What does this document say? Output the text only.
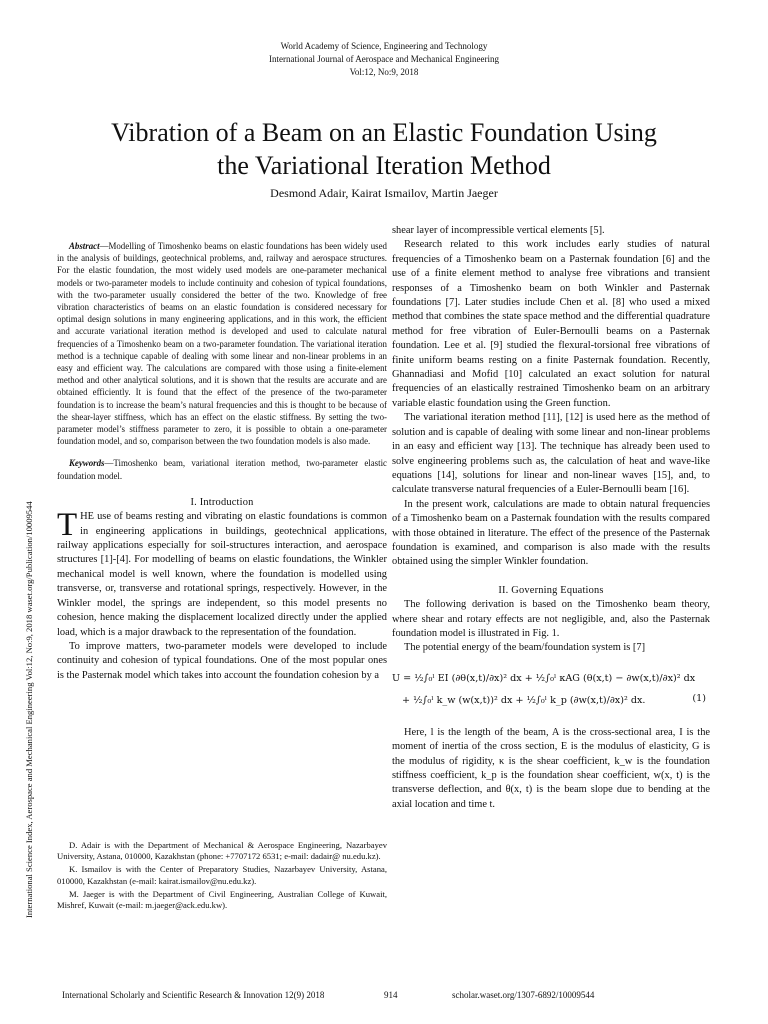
World Academy of Science, Engineering and Technology
International Journal of Aerospace and Mechanical Engineering
Vol:12, No:9, 2018
Vibration of a Beam on an Elastic Foundation Using
the Variational Iteration Method
Desmond Adair, Kairat Ismailov, Martin Jaeger
International Science Index, Aerospace and Mechanical Engineering Vol:12, No:9, 2018 waset.org/Publication/10009544

Abstract—Modelling of Timoshenko beams on elastic foundations has been widely used in the analysis of buildings, geotechnical problems, and, railway and aerospace structures. For the elastic foundation, the most widely used models are one-parameter mechanical models or two-parameter models to include continuity and cohesion of typical foundations, with the two-parameter usually considered the better of the two. Knowledge of free vibration characteristics of beams on an elastic foundation is considered necessary for optimal design solutions in many engineering applications, and in this work, the efficient and accurate variational iteration method is developed and used to calculate natural frequencies of a Timoshenko beam on a two-parameter foundation. The variational iteration method is a technique capable of dealing with some linear and non-linear problems in an easy and efficient way. The calculations are compared with those using a finite-element method and other analytical solutions, and it is shown that the results are accurate and are obtained efficiently. It is found that the effect of the presence of the two-parameter foundation is to increase the beam’s natural frequencies and this is thought to be because of the shear-layer stiffness, which has an effect on the elastic stiffness. By setting the two-parameter model’s stiffness parameter to zero, it is possible to obtain a one-parameter foundation model, and so, comparison between the two foundation models is also made.

Keywords—Timoshenko beam, variational iteration method, two-parameter elastic foundation model.

I. Introduction

THE use of beams resting and vibrating on elastic foundations is common in engineering applications in buildings, geotechnical applications, railway applications especially for soil-structures interaction, and aerospace structures [1]-[4]. For modelling of beams on elastic foundations, the Winkler mechanical model is well known, where the foundation is modelled using transverse, or, transverse and rotational springs, respectively. However, in the Winkler model, the springs are independent, so this model presents no cohesion, hence making the displacement localized directly under the applied load, which is a major drawback to the representation of the foundation.

To improve matters, two-parameter models were developed to include continuity and cohesion of typical foundations. One of the most popular ones is the Pasternak model which takes into account the foundation cohesion by a

D. Adair is with the Department of Mechanical & Aerospace Engineering, Nazarbayev University, Astana, 010000, Kazakhstan (phone: +7707172 6531; e-mail: dadair@ nu.edu.kz).

K. Ismailov is with the Center of Preparatory Studies, Nazarbayev University, Astana, 010000, Kazakhstan (e-mail: kairat.ismailov@nu.edu.kz).

M. Jaeger is with the Department of Civil Engineering, Australian College of Kuwait, Mishref, Kuwait (e-mail: m.jaeger@ack.edu.kw).

shear layer of incompressible vertical elements [5].

Research related to this work includes early studies of natural frequencies of a Timoshenko beam on a Pasternak foundation [6] and the use of a finite element method to analyse free vibrations and transient responses of a Timoshenko beam on both Winkler and Pasternak foundations [7]. Later studies include Chen et al. [8] who used a mixed method that combines the state space method and the differential quadrature method for free vibration of Euler-Bernoulli beams on a Pasternak foundation. Lee et al. [9] studied the flexural-torsional free vibrations of finite uniform beams resting on a finite Pasternak foundation. Recently, Ghannadiasi and Mofid [10] calculated an exact solution for natural frequencies of an elastically restrained Timoshenko beam on an arbitrary variable elastic foundation using the Green function.

The variational iteration method [11], [12] is used here as the method of solution and is capable of dealing with some linear and non-linear problems in an easy and efficient way [13]. The technique has already been used to solve engineering problems such as, the calculation of heat and wave-like equations [14], solutions for linear and non-linear waves [15], and, to calculate transverse natural frequencies of a Euler-Bernoulli beam [16].

In the present work, calculations are made to obtain natural frequencies of a Timoshenko beam on a Pasternak foundation with the results compared with those obtained in literature. The effect of the presence of the Pasternak foundation is examined, and comparison is also made with the results obtained using the simpler Winkler foundation.

II. Governing Equations

The following derivation is based on the Timoshenko beam theory, where shear and rotary effects are not negligible, and, also the Pasternak foundation model is illustrated in Fig. 1.

The potential energy of the beam/foundation system is [7]

U = ½∫₀ˡ EI (∂θ(x,t)/∂x)² dx + ½∫₀ˡ κAG (θ(x,t) − ∂w(x,t)/∂x)² dx
+ ½∫₀ˡ k_w (w(x,t))² dx + ½∫₀ˡ k_p (∂w(x,t)/∂x)² dx.	(1)

Here, l is the length of the beam, A is the cross-sectional area, I is the moment of inertia of the cross section, E is the modulus of elasticity, G is the modulus of rigidity, κ is the shear coefficient, k_w is the foundation stiffness coefficient, k_p is the foundation shear coefficient, w(x, t) is the transverse deflection, and θ(x, t) is the beam slope due to bending at the axial location and time t.

International Scholarly and Scientific Research & Innovation 12(9) 2018	914	scholar.waset.org/1307-6892/10009544
